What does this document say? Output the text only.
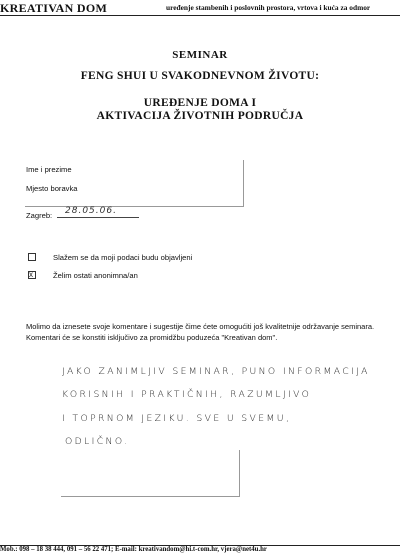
KREATIVAN DOM	uređenje stambenih i poslovnih prostora, vrtova i kuća za odmor
SEMINAR
FENG SHUI U SVAKODNEVNOM ŽIVOTU:
UREĐENJE DOMA I
AKTIVACIJA ŽIVOTNIH PODRUČJA
Ime i prezime
Mjesto boravka
Zagreb: 28.05.06.
Slažem se da moji podaci budu objavljeni
x	Želim ostati anonimna/an
Molimo da iznesete svoje komentare i sugestije čime ćete omogućiti još kvalitetnije održavanje seminara. Komentari će se konstiti isključivo za promidžbu poduzeća "Kreativan dom".
JAKO ZANIMLJIV SEMINAR, PUNO INFORMACIJA
KORISNIH I PRAKTIČNIH, RAZUMLJIVO
I TOPRNOM JEZIKU. SVE U SVEMU,
ODLIČNO.
Mob.: 098 – 18 38 444, 091 – 56 22 471; E-mail: kreativandom@hi.t-com.hr, vjera@net4u.hr
